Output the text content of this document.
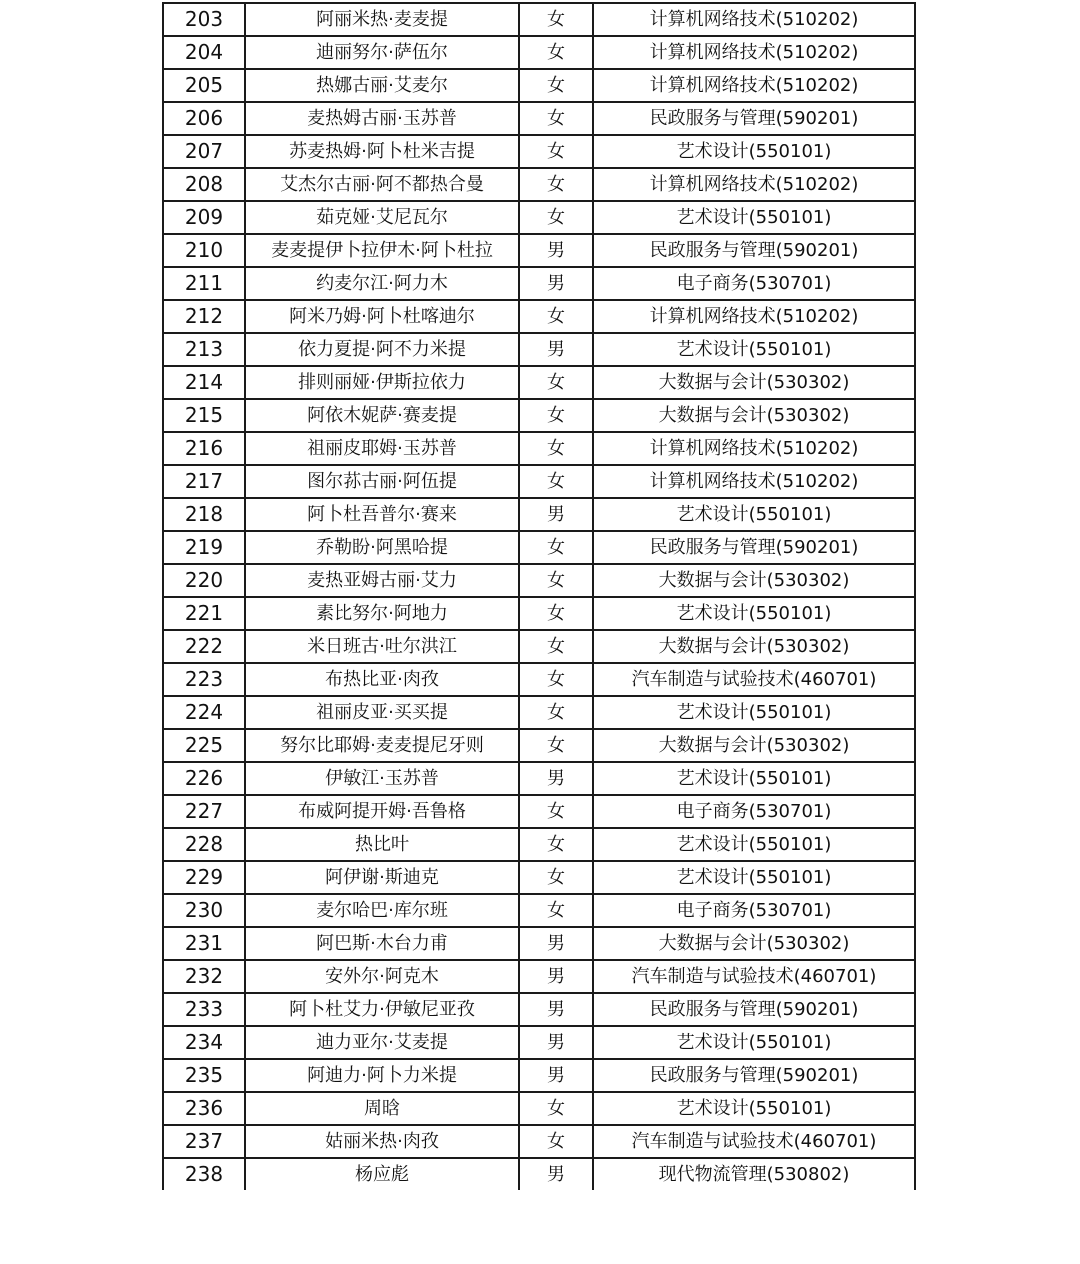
203	阿丽米热·麦麦提	女	计算机网络技术(510202)
204	迪丽努尔·萨伍尔	女	计算机网络技术(510202)
205	热娜古丽·艾麦尔	女	计算机网络技术(510202)
206	麦热姆古丽·玉苏普	女	民政服务与管理(590201)
207	苏麦热姆·阿卜杜米吉提	女	艺术设计(550101)
208	艾杰尔古丽·阿不都热合曼	女	计算机网络技术(510202)
209	茹克娅·艾尼瓦尔	女	艺术设计(550101)
210	麦麦提伊卜拉伊木·阿卜杜拉	男	民政服务与管理(590201)
211	约麦尔江·阿力木	男	电子商务(530701)
212	阿米乃姆·阿卜杜喀迪尔	女	计算机网络技术(510202)
213	依力夏提·阿不力米提	男	艺术设计(550101)
214	排则丽娅·伊斯拉依力	女	大数据与会计(530302)
215	阿依木妮萨·赛麦提	女	大数据与会计(530302)
216	祖丽皮耶姆·玉苏普	女	计算机网络技术(510202)
217	图尔荪古丽·阿伍提	女	计算机网络技术(510202)
218	阿卜杜吾普尔·赛来	男	艺术设计(550101)
219	乔勒盼·阿黑哈提	女	民政服务与管理(590201)
220	麦热亚姆古丽·艾力	女	大数据与会计(530302)
221	素比努尔·阿地力	女	艺术设计(550101)
222	米日班古·吐尔洪江	女	大数据与会计(530302)
223	布热比亚·肉孜	女	汽车制造与试验技术(460701)
224	祖丽皮亚·买买提	女	艺术设计(550101)
225	努尔比耶姆·麦麦提尼牙则	女	大数据与会计(530302)
226	伊敏江·玉苏普	男	艺术设计(550101)
227	布威阿提开姆·吾鲁格	女	电子商务(530701)
228	热比叶	女	艺术设计(550101)
229	阿伊谢·斯迪克	女	艺术设计(550101)
230	麦尔哈巴·库尔班	女	电子商务(530701)
231	阿巴斯·木台力甫	男	大数据与会计(530302)
232	安外尔·阿克木	男	汽车制造与试验技术(460701)
233	阿卜杜艾力·伊敏尼亚孜	男	民政服务与管理(590201)
234	迪力亚尔·艾麦提	男	艺术设计(550101)
235	阿迪力·阿卜力米提	男	民政服务与管理(590201)
236	周晗	女	艺术设计(550101)
237	姑丽米热·肉孜	女	汽车制造与试验技术(460701)
238	杨应彪	男	现代物流管理(530802)
